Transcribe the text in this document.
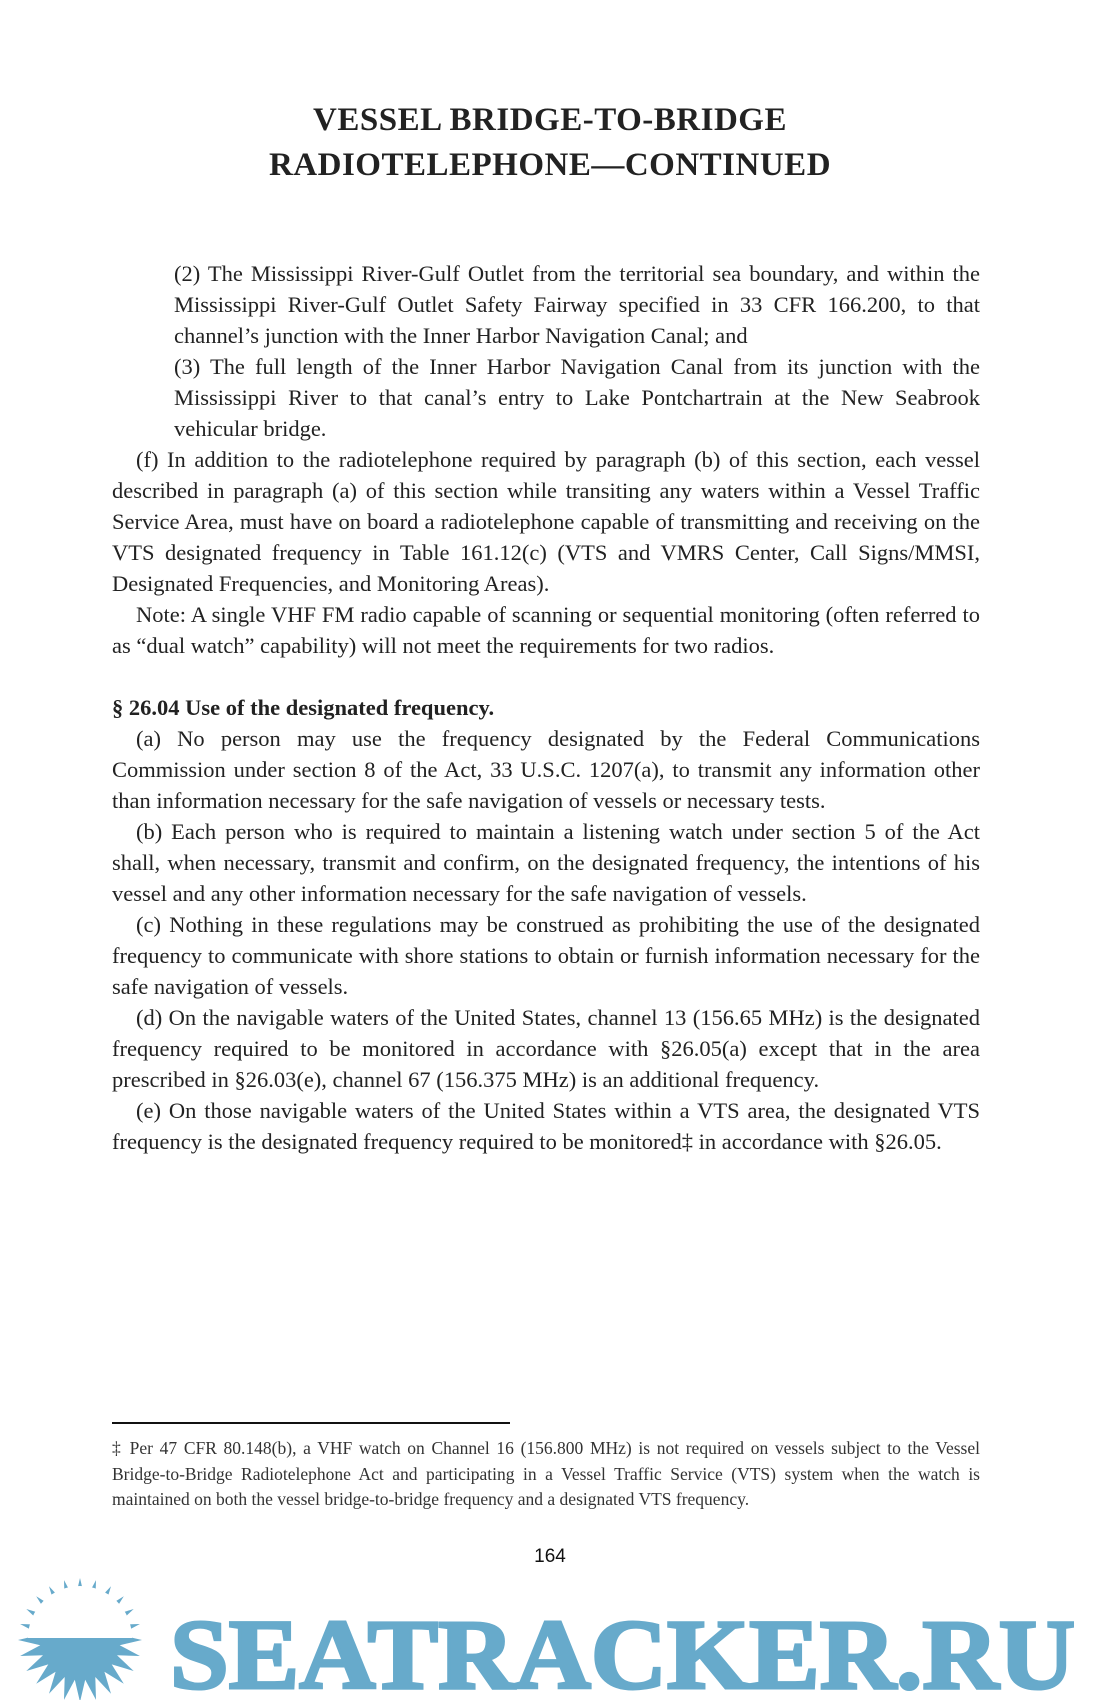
VESSEL BRIDGE-TO-BRIDGE
RADIOTELEPHONE—CONTINUED

(2) The Mississippi River-Gulf Outlet from the territorial sea boundary, and within the Mississippi River-Gulf Outlet Safety Fairway specified in 33 CFR 166.200, to that channel’s junction with the Inner Harbor Navigation Canal; and

(3) The full length of the Inner Harbor Navigation Canal from its junction with the Mississippi River to that canal’s entry to Lake Pontchartrain at the New Seabrook vehicular bridge.

(f) In addition to the radiotelephone required by paragraph (b) of this section, each vessel described in paragraph (a) of this section while transiting any waters within a Vessel Traffic Service Area, must have on board a radiotelephone capable of transmitting and receiving on the VTS designated frequency in Table 161.12(c) (VTS and VMRS Center, Call Signs/MMSI, Designated Frequencies, and Monitoring Areas).

Note: A single VHF FM radio capable of scanning or sequential monitoring (often referred to as “dual watch” capability) will not meet the requirements for two radios.

§ 26.04 Use of the designated frequency.

(a) No person may use the frequency designated by the Federal Communications Commission under section 8 of the Act, 33 U.S.C. 1207(a), to transmit any information other than information necessary for the safe navigation of vessels or necessary tests.

(b) Each person who is required to maintain a listening watch under section 5 of the Act shall, when necessary, transmit and confirm, on the designated frequency, the intentions of his vessel and any other information necessary for the safe navigation of vessels.

(c) Nothing in these regulations may be construed as prohibiting the use of the designated frequency to communicate with shore stations to obtain or furnish information necessary for the safe navigation of vessels.

(d) On the navigable waters of the United States, channel 13 (156.65 MHz) is the designated frequency required to be monitored in accordance with §26.05(a) except that in the area prescribed in §26.03(e), channel 67 (156.375 MHz) is an additional frequency.

(e) On those navigable waters of the United States within a VTS area, the designated VTS frequency is the designated frequency required to be monitored‡ in accordance with §26.05.

‡ Per 47 CFR 80.148(b), a VHF watch on Channel 16 (156.800 MHz) is not required on vessels subject to the Vessel Bridge-to-Bridge Radiotelephone Act and participating in a Vessel Traffic Service (VTS) system when the watch is maintained on both the vessel bridge-to-bridge frequency and a designated VTS frequency.
164
SEATRACKER.RU
